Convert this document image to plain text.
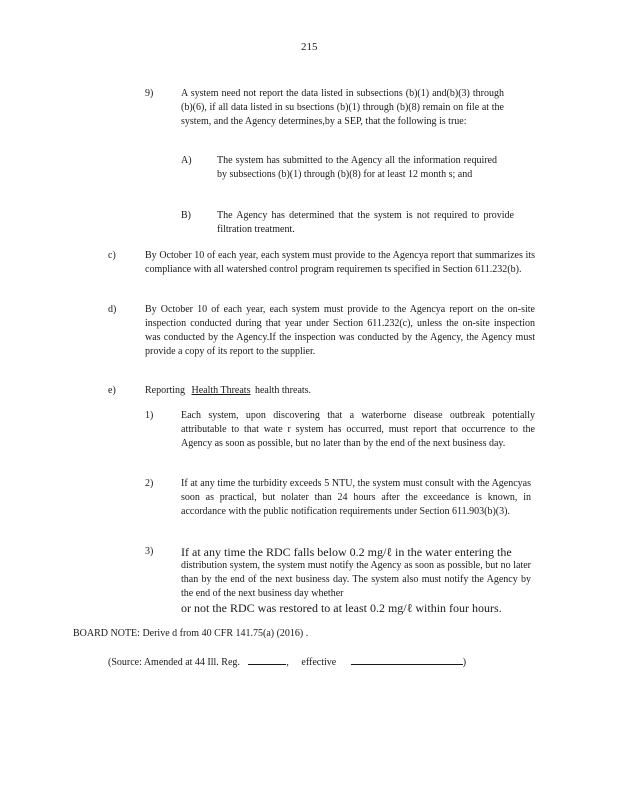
215
9)	A system need not report the data listed in subsections (b)(1) and(b)(3) through (b)(6), if all data listed in su bsections (b)(1) through (b)(8) remain on file at the system, and the Agency determines,by a SEP, that the following is true:
A)	The system has submitted to the Agency all the information required by subsections (b)(1) through (b)(8) for at least 12 month s; and
B)	The Agency has determined that the system is not required to provide filtration treatment.
c)	By October 10 of each year, each system must provide to the Agencya report that summarizes its compliance with all watershed control program requiremen ts specified in Section 611.232(b).
d)	By October 10 of each year, each system must provide to the Agencya report on the on-site inspection conducted during that year under Section 611.232(c), unless the on-site inspection was conducted by the Agency.If the inspection was conducted by the Agency, the Agency must provide a copy of its report to the supplier.
e)	Reporting Health Threats health threats.
1)	Each system, upon discovering that a waterborne disease outbreak potentially attributable to that wate r system has occurred, must report that occurrence to the Agency as soon as possible, but no later than by the end of the next business day.
2)	If at any time the turbidity exceeds 5 NTU, the system must consult with the Agencyas soon as practical, but nolater than 24 hours after the exceedance is known, in accordance with the public notification requirements under Section 611.903(b)(3).
3) If at any time the RDC falls below 0.2 mg/ℓ in the water entering the
distribution system, the system must notify the Agency as soon as possible, but no later than by the end of the next business day. The system also must notify the Agency by the end of the next business day whether
or not the RDC was restored to at least 0.2 mg/ℓ within four hours.
BOARD NOTE: Derive d from 40 CFR 141.75(a) (2016) .
(Source: Amended at 44 Ill. Reg.	, effective	)
